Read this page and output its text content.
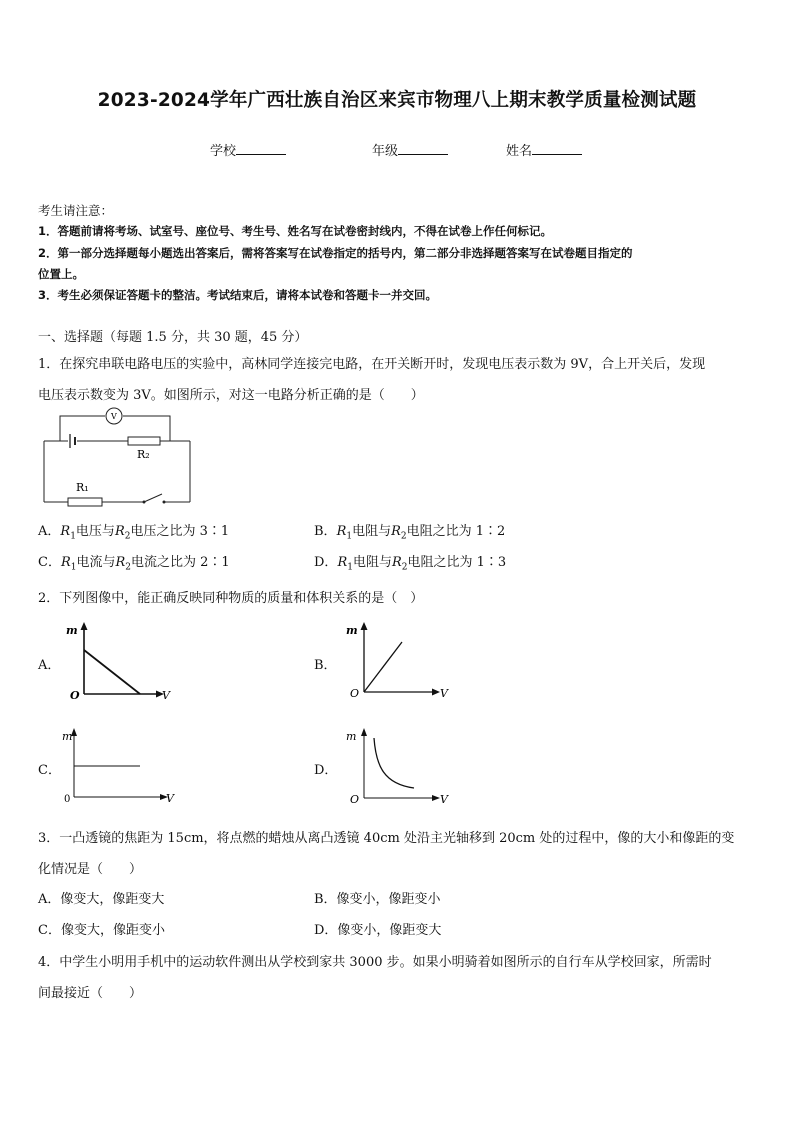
2023-2024学年广西壮族自治区来宾市物理八上期末教学质量检测试题
学校	年级	姓名
考生请注意：
1．答题前请将考场、试室号、座位号、考生号、姓名写在试卷密封线内，不得在试卷上作任何标记。
2．第一部分选择题每小题选出答案后，需将答案写在试卷指定的括号内，第二部分非选择题答案写在试卷题目指定的
位置上。
3．考生必须保证答题卡的整洁。考试结束后，请将本试卷和答题卡一并交回。
一、选择题（每题 1.5 分，共 30 题，45 分）
1．在探究串联电路电压的实验中，高林同学连接完电路，在开关断开时，发现电压表示数为 9V，合上开关后，发现
电压表示数变为 3V。如图所示，对这一电路分析正确的是（　　）
V
R₂
R₁
A．$R_1$电压与$R_2$电压之比为 3∶1	B．$R_1$电阻与$R_2$电阻之比为 1∶2
C．$R_1$电流与$R_2$电流之比为 2∶1	D．$R_1$电阻与$R_2$电阻之比为 1∶3
2．下列图像中，能正确反映同种物质的质量和体积关系的是（　）
A．
m
O	V
B．
m
O	V
C．
m
0	V
D．
m
O	V
3．一凸透镜的焦距为 15cm，将点燃的蜡烛从离凸透镜 40cm 处沿主光轴移到 20cm 处的过程中，像的大小和像距的变
化情况是（　　）
A．像变大，像距变大	B．像变小，像距变小
C．像变大，像距变小	D．像变小，像距变大
4．中学生小明用手机中的运动软件测出从学校到家共 3000 步。如果小明骑着如图所示的自行车从学校回家，所需时
间最接近（　　）
